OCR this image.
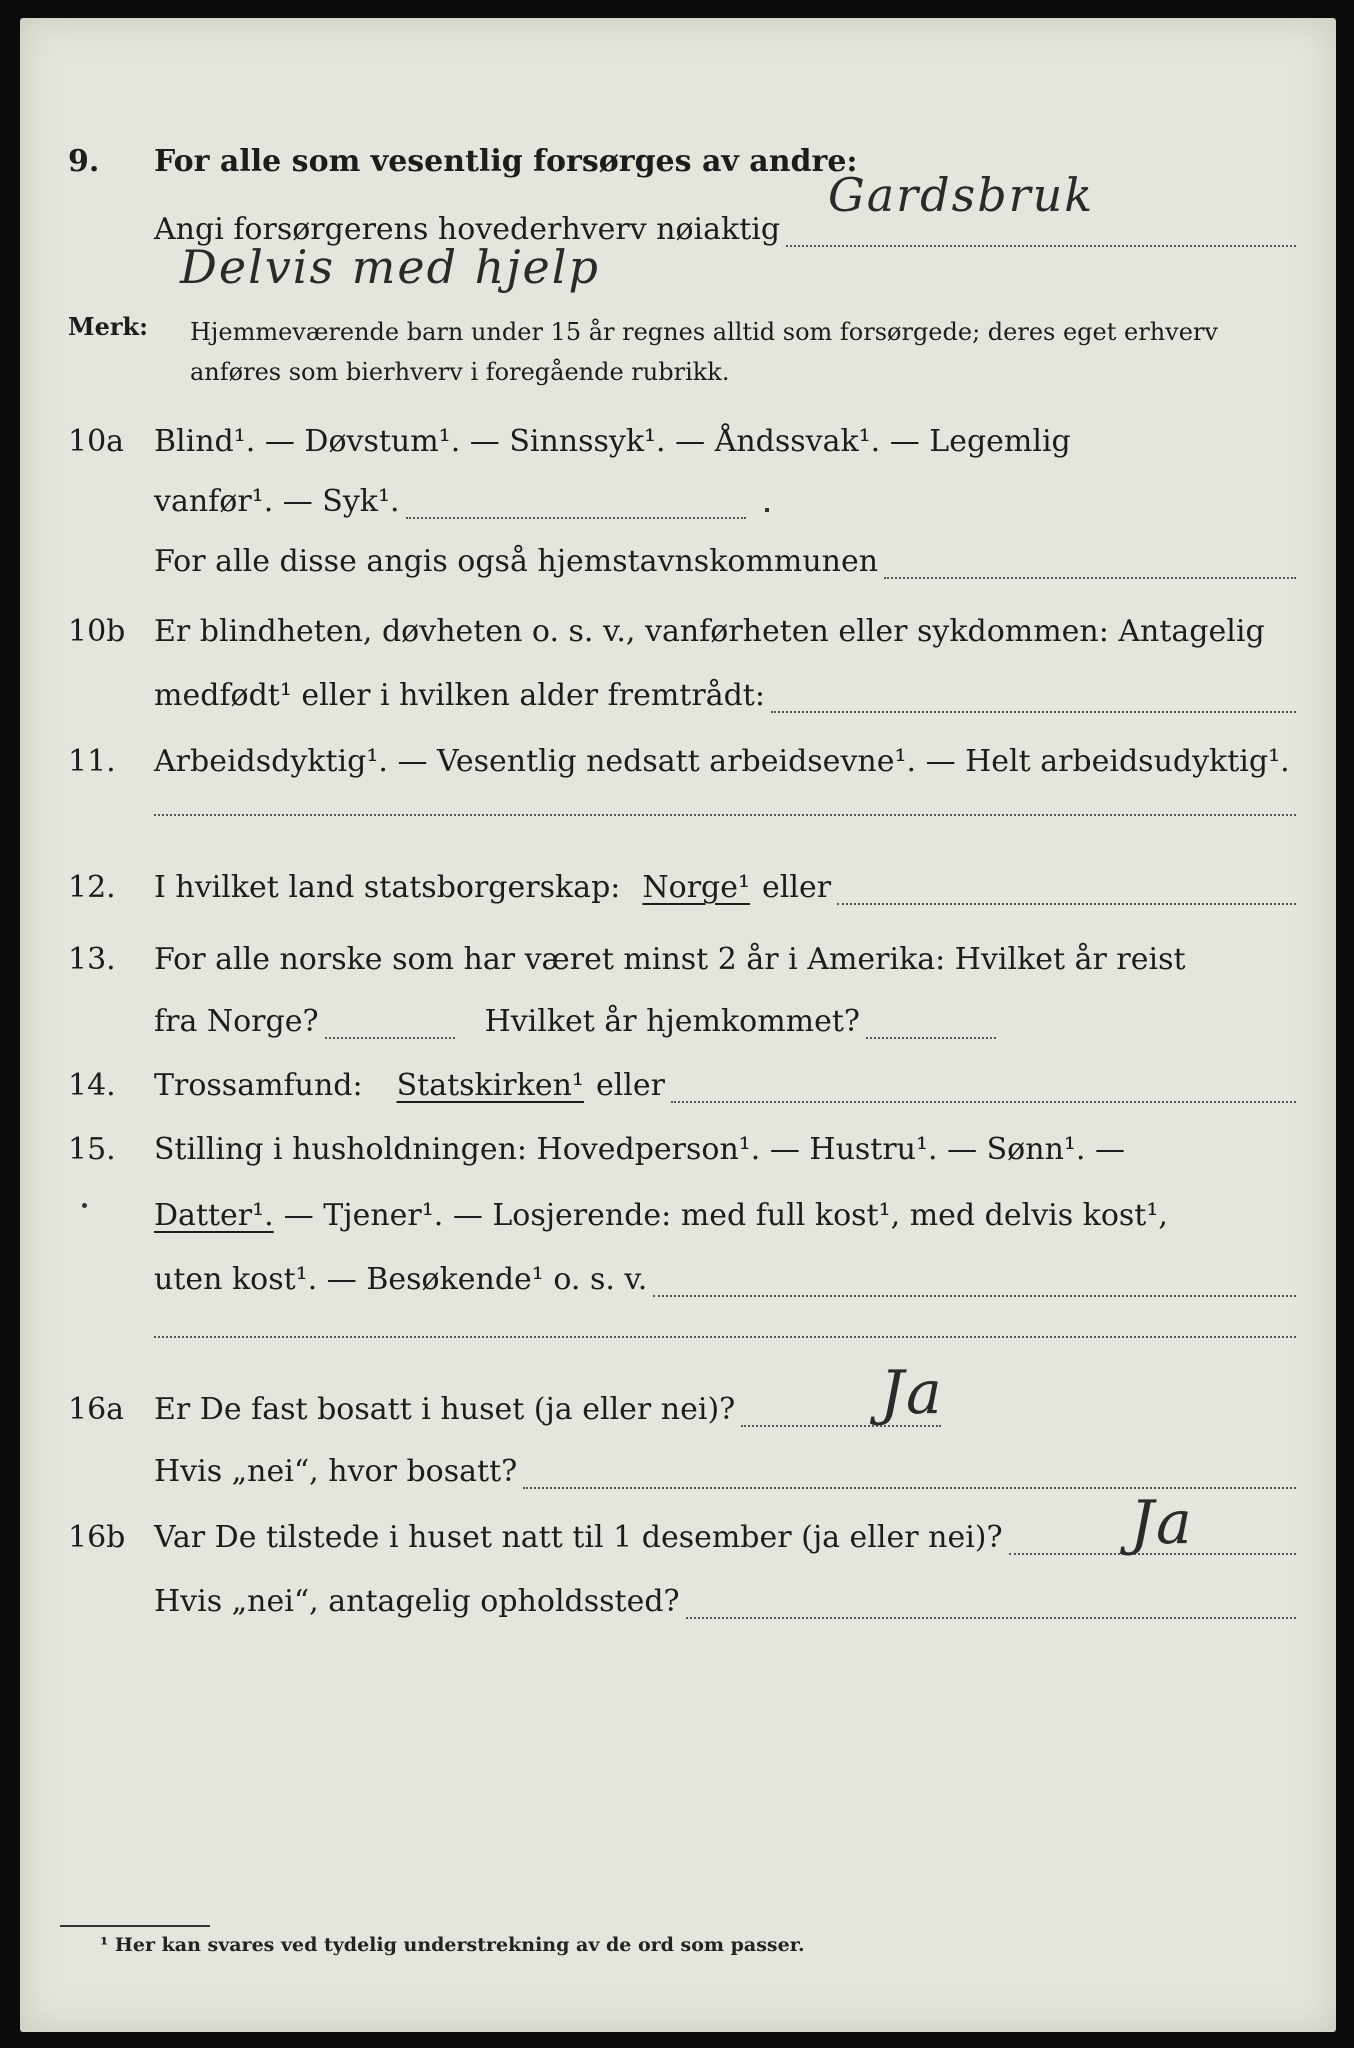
9. For alle som vesentlig forsørges av andre:
Angi forsørgerens hovederhverv nøiaktig
Gardsbruk
Delvis med hjelp
Merk: Hjemmeværende barn under 15 år regnes alltid som forsørgede; deres eget erhverv anføres som bierhverv i foregående rubrikk.
10a Blind¹. — Døvstum¹. — Sinnssyk¹. — Åndssvak¹. — Legemlig
vanfør¹. — Syk¹.
For alle disse angis også hjemstavnskommunen
10b Er blindheten, døvheten o. s. v., vanførheten eller sykdommen: Antagelig
medfødt¹ eller i hvilken alder fremtrådt:
11. Arbeidsdyktig¹. — Vesentlig nedsatt arbeidsevne¹. — Helt arbeidsudyktig¹.
12. I hvilket land statsborgerskap: Norge¹ eller
13. For alle norske som har været minst 2 år i Amerika: Hvilket år reist
fra Norge?	Hvilket år hjemkommet?
14. Trossamfund: Statskirken¹ eller
15. Stilling i husholdningen: Hovedperson¹. — Hustru¹. — Sønn¹. —
Datter¹. — Tjener¹. — Losjerende: med full kost¹, med delvis kost¹,
uten kost¹. — Besøkende¹ o. s. v.
16a Er De fast bosatt i huset (ja eller nei)?
Hvis „nei“, hvor bosatt?
Ja
16b Var De tilstede i huset natt til 1 desember (ja eller nei)?
Hvis „nei“, antagelig opholdssted?
Ja
¹ Her kan svares ved tydelig understrekning av de ord som passer.
